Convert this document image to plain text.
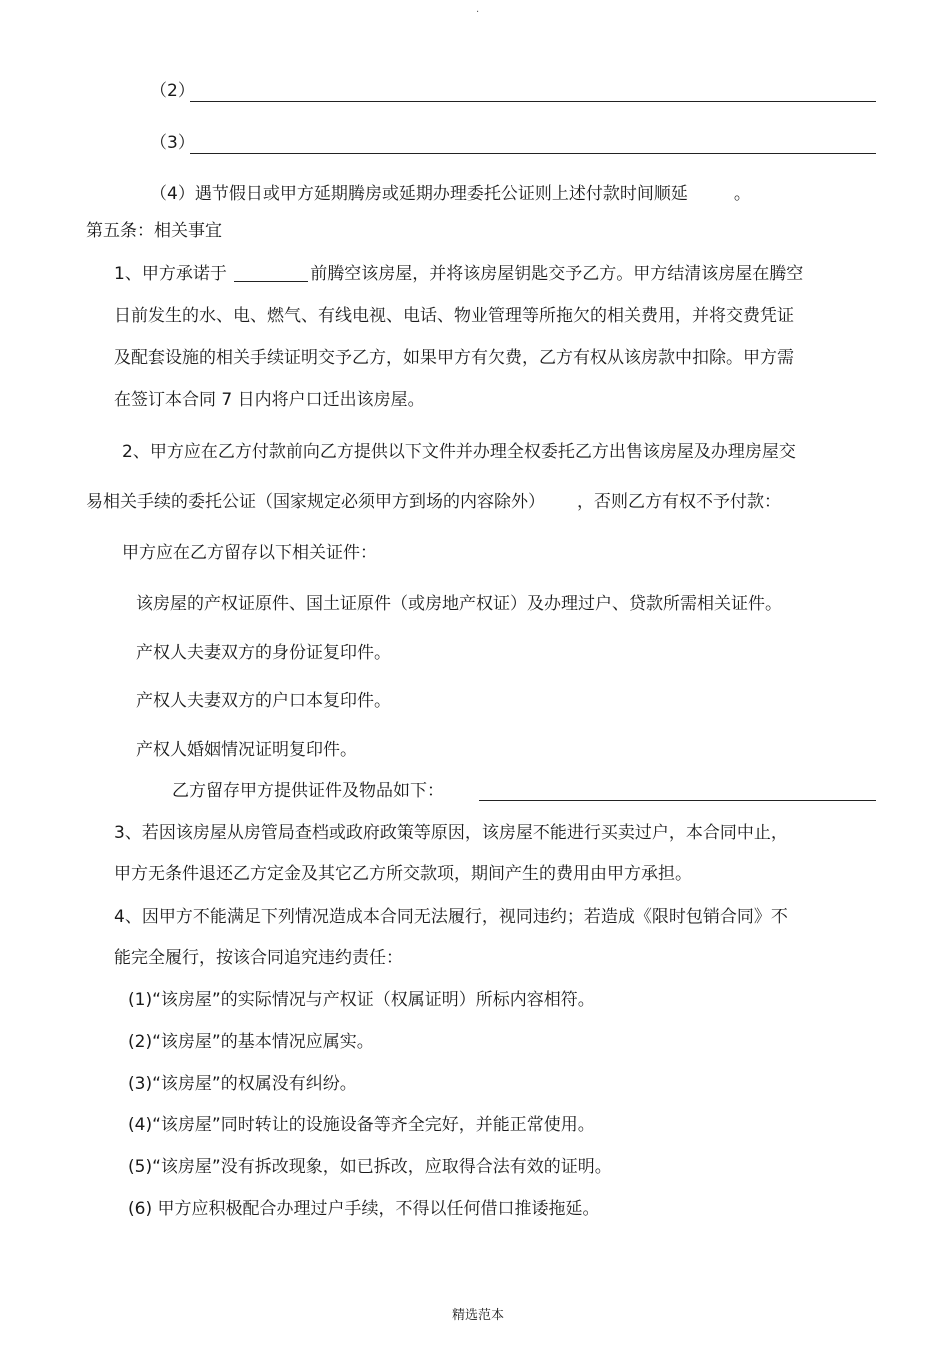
.
（2）
（3）
（4）遇节假日或甲方延期腾房或延期办理委托公证则上述付款时间顺延	。
第五条：相关事宜
1、甲方承诺于	前腾空该房屋，并将该房屋钥匙交予乙方。甲方结清该房屋在腾空
日前发生的水、电、燃气、有线电视、电话、物业管理等所拖欠的相关费用，并将交费凭证
及配套设施的相关手续证明交予乙方，如果甲方有欠费，乙方有权从该房款中扣除。甲方需
在签订本合同 7 日内将户口迁出该房屋。
2、甲方应在乙方付款前向乙方提供以下文件并办理全权委托乙方出售该房屋及办理房屋交
易相关手续的委托公证（国家规定必须甲方到场的内容除外） ，否则乙方有权不予付款：
甲方应在乙方留存以下相关证件：
该房屋的产权证原件、国土证原件（或房地产权证）及办理过户、贷款所需相关证件。
产权人夫妻双方的身份证复印件。
产权人夫妻双方的户口本复印件。
产权人婚姻情况证明复印件。
乙方留存甲方提供证件及物品如下：
3、若因该房屋从房管局查档或政府政策等原因，该房屋不能进行买卖过户，本合同中止，
甲方无条件退还乙方定金及其它乙方所交款项，期间产生的费用由甲方承担。
4、因甲方不能满足下列情况造成本合同无法履行，视同违约；若造成《限时包销合同》不
能完全履行，按该合同追究违约责任：
(1)“该房屋”的实际情况与产权证（权属证明）所标内容相符。
(2)“该房屋”的基本情况应属实。
(3)“该房屋”的权属没有纠纷。
(4)“该房屋”同时转让的设施设备等齐全完好，并能正常使用。
(5)“该房屋”没有拆改现象，如已拆改，应取得合法有效的证明。
(6) 甲方应积极配合办理过户手续，不得以任何借口推诿拖延。
精选范本
